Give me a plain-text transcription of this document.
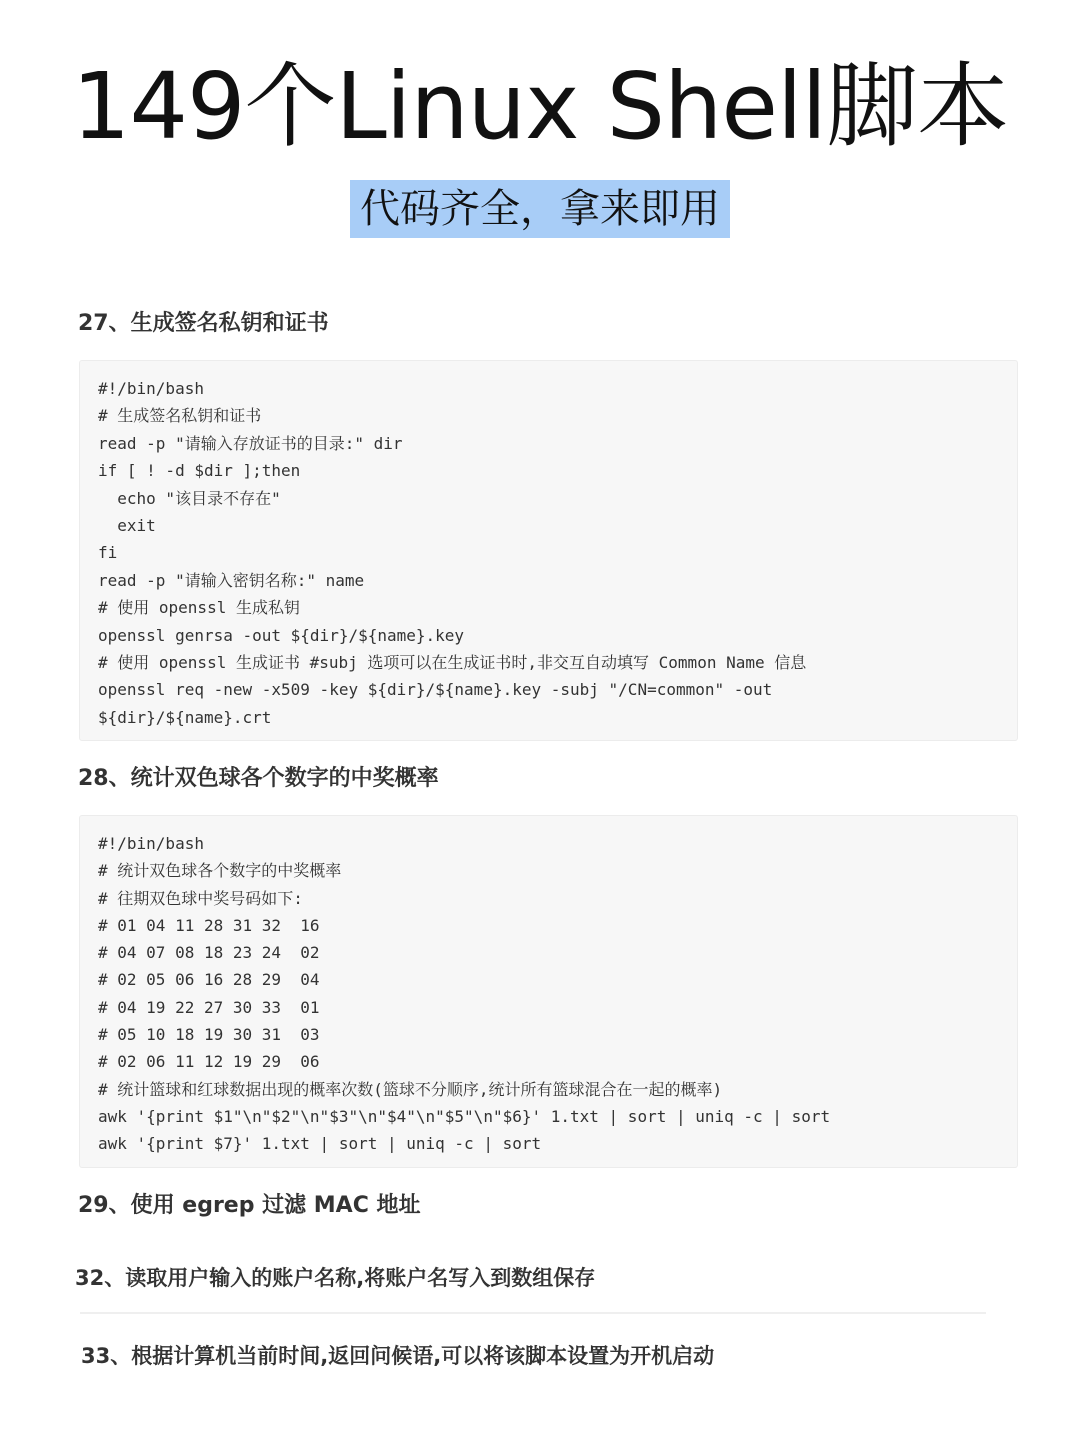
149个Linux Shell脚本
代码齐全，拿来即用
27、生成签名私钥和证书
#!/bin/bash
# 生成签名私钥和证书
read -p "请输入存放证书的目录:" dir
if [ ! -d $dir ];then
echo "该目录不存在"
exit
fi
read -p "请输入密钥名称:" name
# 使用 openssl 生成私钥
openssl genrsa -out ${dir}/${name}.key
# 使用 openssl 生成证书 #subj 选项可以在生成证书时,非交互自动填写 Common Name 信息
openssl req -new -x509 -key ${dir}/${name}.key -subj "/CN=common" -out
${dir}/${name}.crt
28、统计双色球各个数字的中奖概率
#!/bin/bash
# 统计双色球各个数字的中奖概率
# 往期双色球中奖号码如下:
# 01 04 11 28 31 32  16
# 04 07 08 18 23 24  02
# 02 05 06 16 28 29  04
# 04 19 22 27 30 33  01
# 05 10 18 19 30 31  03
# 02 06 11 12 19 29  06
# 统计篮球和红球数据出现的概率次数(篮球不分顺序,统计所有篮球混合在一起的概率)
awk '{print $1"\n"$2"\n"$3"\n"$4"\n"$5"\n"$6}' 1.txt | sort | uniq -c | sort
awk '{print $7}' 1.txt | sort | uniq -c | sort
29、使用 egrep 过滤 MAC 地址
32、读取用户输入的账户名称,将账户名写入到数组保存
33、根据计算机当前时间,返回问候语,可以将该脚本设置为开机启动
